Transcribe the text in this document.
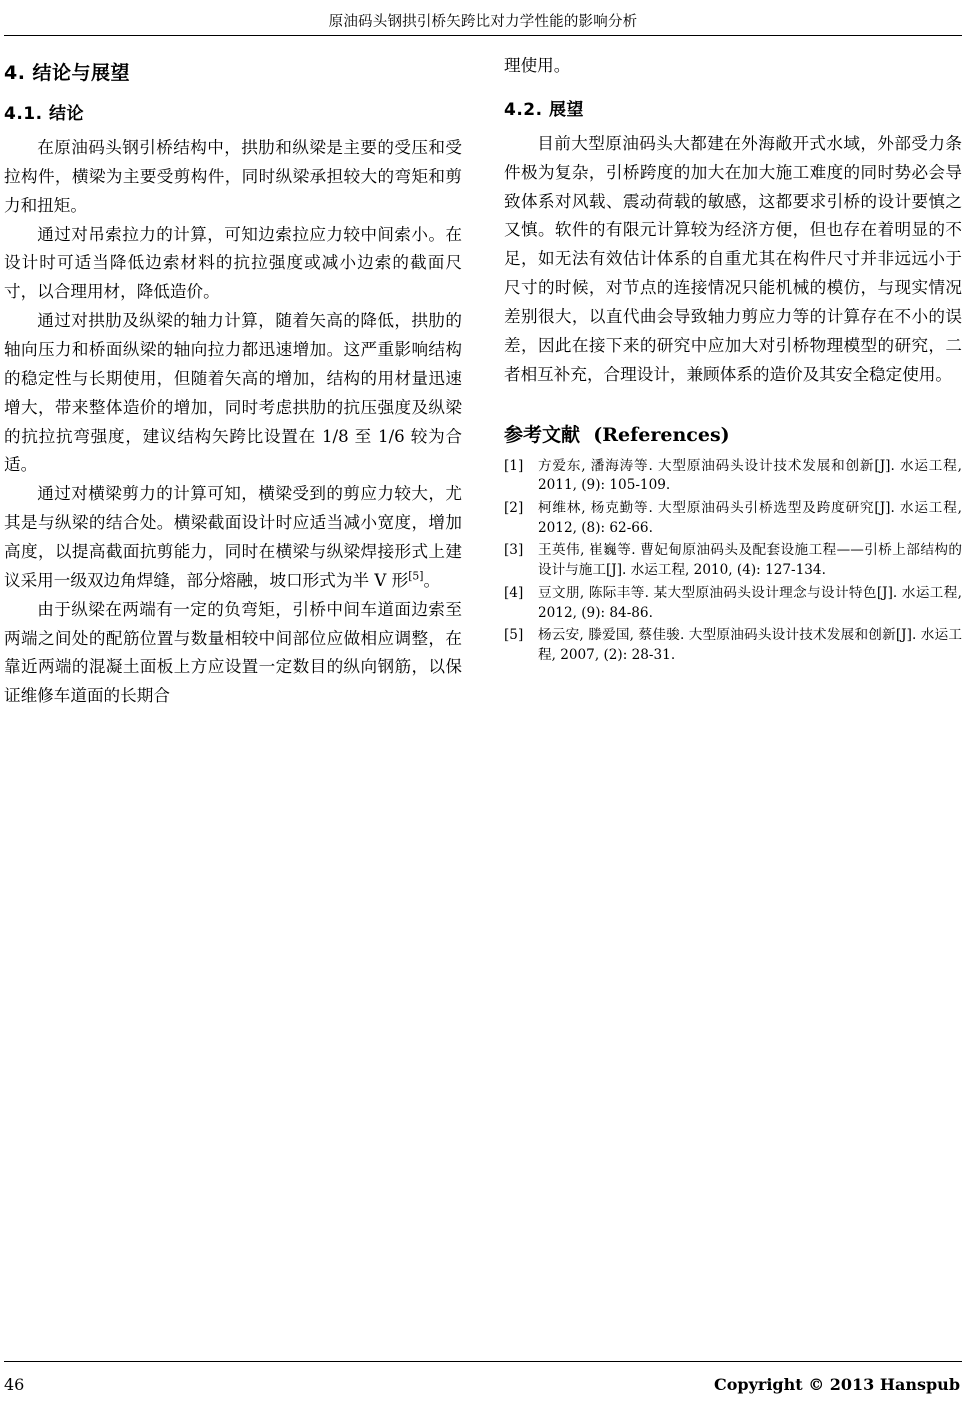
原油码头钢拱引桥矢跨比对力学性能的影响分析
4. 结论与展望
4.1. 结论

在原油码头钢引桥结构中，拱肋和纵梁是主要的受压和受拉构件，横梁为主要受剪构件，同时纵梁承担较大的弯矩和剪力和扭矩。

通过对吊索拉力的计算，可知边索拉应力较中间索小。在设计时可适当降低边索材料的抗拉强度或减小边索的截面尺寸，以合理用材，降低造价。

通过对拱肋及纵梁的轴力计算，随着矢高的降低，拱肋的轴向压力和桥面纵梁的轴向拉力都迅速增加。这严重影响结构的稳定性与长期使用，但随着矢高的增加，结构的用材量迅速增大，带来整体造价的增加，同时考虑拱肋的抗压强度及纵梁的抗拉抗弯强度，建议结构矢跨比设置在 1/8 至 1/6 较为合适。

通过对横梁剪力的计算可知，横梁受到的剪应力较大，尤其是与纵梁的结合处。横梁截面设计时应适当减小宽度，增加高度，以提高截面抗剪能力，同时在横梁与纵梁焊接形式上建议采用一级双边角焊缝，部分熔融，坡口形式为半 V 形[5]。

由于纵梁在两端有一定的负弯矩，引桥中间车道面边索至两端之间处的配筋位置与数量相较中间部位应做相应调整，在靠近两端的混凝土面板上方应设置一定数目的纵向钢筋，以保证维修车道面的长期合

理使用。

4.2. 展望

目前大型原油码头大都建在外海敞开式水域，外部受力条件极为复杂，引桥跨度的加大在加大施工难度的同时势必会导致体系对风载、震动荷载的敏感，这都要求引桥的设计要慎之又慎。软件的有限元计算较为经济方便，但也存在着明显的不足，如无法有效估计体系的自重尤其在构件尺寸并非远远小于尺寸的时候，对节点的连接情况只能机械的模仿，与现实情况差别很大，以直代曲会导致轴力剪应力等的计算存在不小的误差，因此在接下来的研究中应加大对引桥物理模型的研究，二者相互补充，合理设计，兼顾体系的造价及其安全稳定使用。

参考文献 (References)
[1] 方爱东, 潘海涛等. 大型原油码头设计技术发展和创新[J]. 水运工程, 2011, (9): 105-109.
[2] 柯维林, 杨克勤等. 大型原油码头引桥选型及跨度研究[J]. 水运工程, 2012, (8): 62-66.
[3] 王英伟, 崔巍等. 曹妃甸原油码头及配套设施工程——引桥上部结构的设计与施工[J]. 水运工程, 2010, (4): 127-134.
[4] 豆文朋, 陈际丰等. 某大型原油码头设计理念与设计特色[J]. 水运工程, 2012, (9): 84-86.
[5] 杨云安, 滕爱国, 蔡佳骏. 大型原油码头设计技术发展和创新[J]. 水运工程, 2007, (2): 28-31.
46	Copyright © 2013 Hanspub
